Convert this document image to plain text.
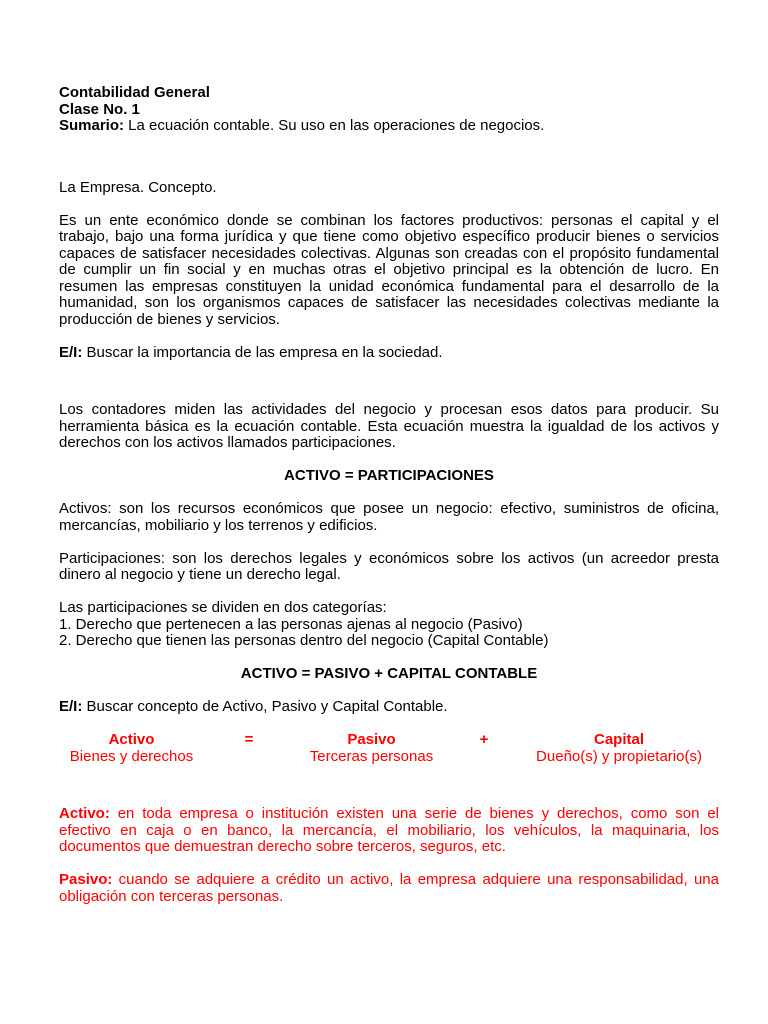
Contabilidad General

Clase No. 1

Sumario: La ecuación contable. Su uso en las operaciones de negocios.

La Empresa. Concepto.

Es un ente económico donde se combinan los factores productivos: personas el capital y el trabajo, bajo una forma jurídica y que tiene como objetivo específico producir bienes o servicios capaces de satisfacer necesidades colectivas. Algunas son creadas con el propósito fundamental de cumplir un fin social y en muchas otras el objetivo principal es la obtención de lucro. En resumen las empresas constituyen la unidad económica fundamental para el desarrollo de la humanidad, son los organismos capaces de satisfacer las necesidades colectivas mediante la producción de bienes y servicios.

E/I: Buscar la importancia de las empresa en la sociedad.

Los contadores miden las actividades del negocio y procesan esos datos para producir. Su herramienta básica es la ecuación contable. Esta ecuación muestra la igualdad de los activos y derechos con los activos llamados participaciones.

ACTIVO = PARTICIPACIONES

Activos: son los recursos económicos que posee un negocio: efectivo, suministros de oficina, mercancías, mobiliario y los terrenos y edificios.

Participaciones: son los derechos legales y económicos sobre los activos (un acreedor presta dinero al negocio y tiene un derecho legal.

Las participaciones se dividen en dos categorías:

1. Derecho que pertenecen a las personas ajenas al negocio (Pasivo)

2. Derecho que tienen las personas dentro del negocio (Capital Contable)

ACTIVO = PASIVO + CAPITAL CONTABLE

E/I: Buscar concepto de Activo, Pasivo y Capital Contable.

Activo	=	Pasivo	+	Capital
Bienes y derechos		Terceras personas		Dueño(s) y propietario(s)

Activo: en toda empresa o institución existen una serie de bienes y derechos, como son el efectivo en caja o en banco, la mercancía, el mobiliario, los vehículos, la maquinaria, los documentos que demuestran derecho sobre terceros, seguros, etc.

Pasivo: cuando se adquiere a crédito un activo, la empresa adquiere una responsabilidad, una obligación con terceras personas.
